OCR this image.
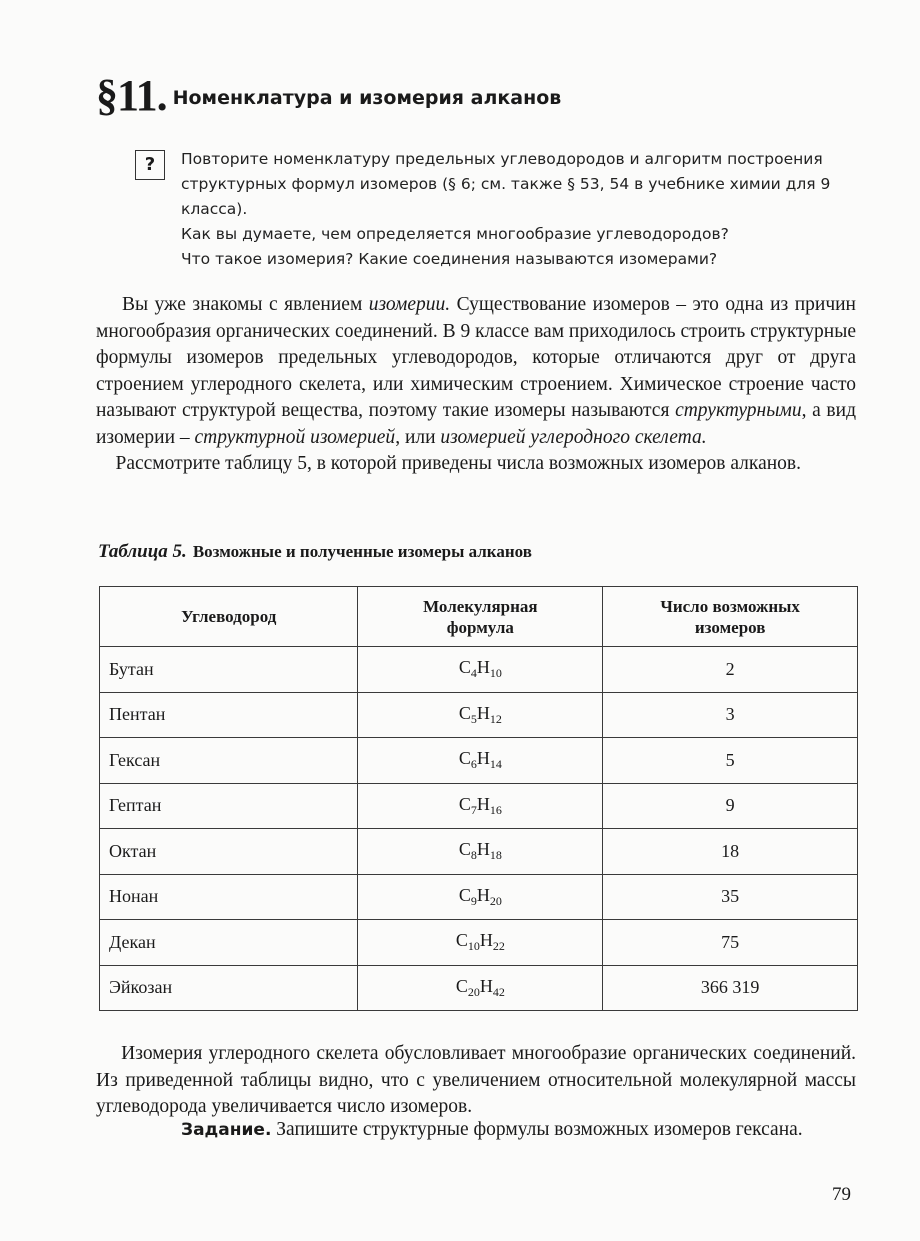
§11. Номенклатура и изомерия алканов
?	Повторите номенклатуру предельных углеводородов и алгоритм построения структурных формул изомеров (§ 6; см. также § 53, 54 в учебнике химии для 9 класса).

Как вы думаете, чем определяется многообразие углеводородов?

Что такое изомерия? Какие соединения называются изомерами?

Вы уже знакомы с явлением изомерии. Существование изомеров – это одна из причин многообразия органических соединений. В 9 классе вам приходилось строить структурные формулы изомеров предельных углеводородов, которые отличаются друг от друга строением углеродного скелета, или химическим строением. Химическое строение часто называют структурой вещества, поэтому такие изомеры называются структурными, а вид изомерии – структурной изомерией, или изомерией углеродного скелета.

Рассмотрите таблицу 5, в которой приведены числа возможных изомеров алканов.

Таблица 5. Возможные и полученные изомеры алканов
Углеводород	Молекулярная формула	Число возможных изомеров
Бутан	$C_4H_{10}$	2
Пентан	$C_5H_{12}$	3
Гексан	$C_6H_{14}$	5
Гептан	$C_7H_{16}$	9
Октан	$C_8H_{18}$	18
Нонан	$C_9H_{20}$	35
Декан	$C_{10}H_{22}$	75
Эйкозан	$C_{20}H_{42}$	366 319

Изомерия углеродного скелета обусловливает многообразие органических соединений. Из приведенной таблицы видно, что с увеличением относительной молекулярной массы углеводорода увеличивается число изомеров.

Задание. Запишите структурные формулы возможных изомеров гексана.
79
